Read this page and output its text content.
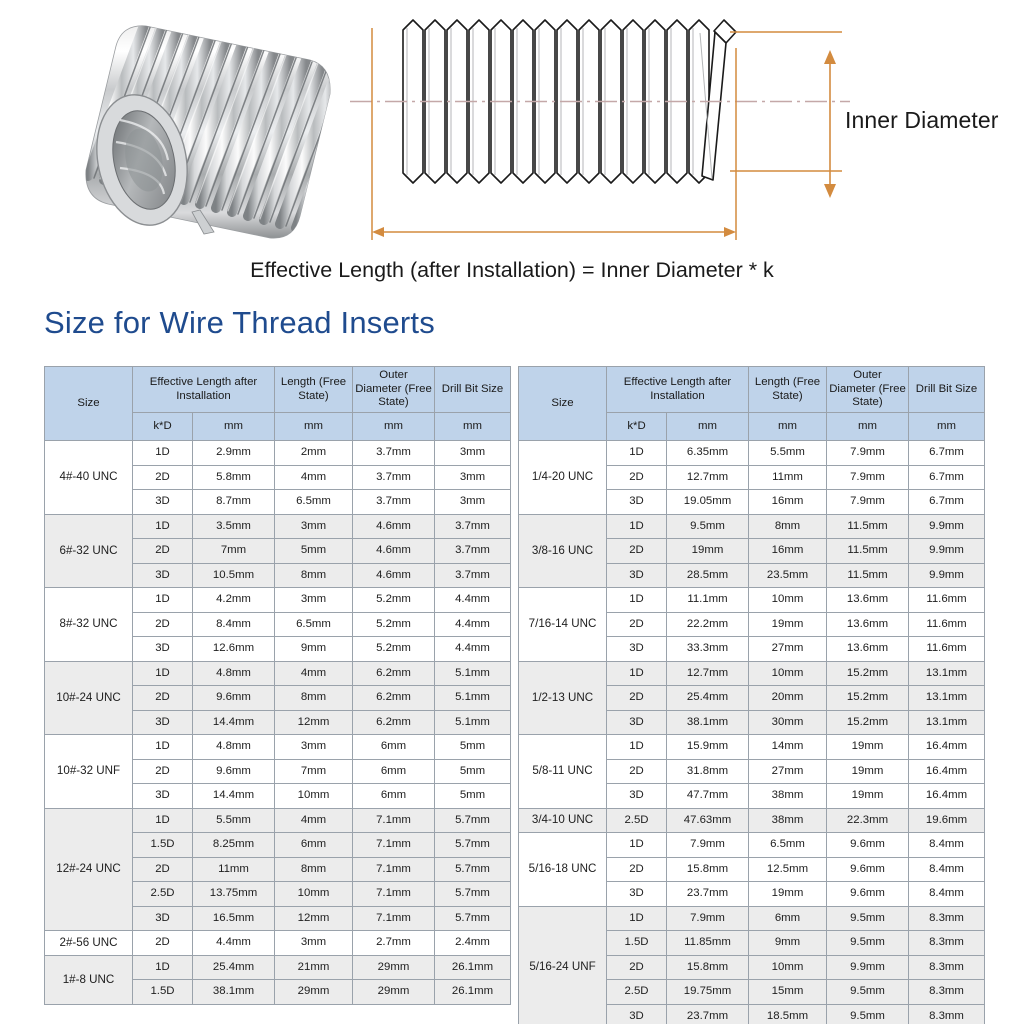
Inner Diameter
Effective Length (after Installation) = Inner Diameter * k
Size for Wire Thread Inserts
Size	Effective Length after Installation		Length (Free State)	Outer Diameter (Free State)	Drill Bit Size
	k*D	mm	mm	mm	mm
4#-40 UNC	1D	2.9mm	2mm	3.7mm	3mm
	2D	5.8mm	4mm	3.7mm	3mm
	3D	8.7mm	6.5mm	3.7mm	3mm
6#-32 UNC	1D	3.5mm	3mm	4.6mm	3.7mm
	2D	7mm	5mm	4.6mm	3.7mm
	3D	10.5mm	8mm	4.6mm	3.7mm
8#-32 UNC	1D	4.2mm	3mm	5.2mm	4.4mm
	2D	8.4mm	6.5mm	5.2mm	4.4mm
	3D	12.6mm	9mm	5.2mm	4.4mm
10#-24 UNC	1D	4.8mm	4mm	6.2mm	5.1mm
	2D	9.6mm	8mm	6.2mm	5.1mm
	3D	14.4mm	12mm	6.2mm	5.1mm
10#-32 UNF	1D	4.8mm	3mm	6mm	5mm
	2D	9.6mm	7mm	6mm	5mm
	3D	14.4mm	10mm	6mm	5mm
12#-24 UNC	1D	5.5mm	4mm	7.1mm	5.7mm
	1.5D	8.25mm	6mm	7.1mm	5.7mm
	2D	11mm	8mm	7.1mm	5.7mm
	2.5D	13.75mm	10mm	7.1mm	5.7mm
	3D	16.5mm	12mm	7.1mm	5.7mm
2#-56 UNC	2D	4.4mm	3mm	2.7mm	2.4mm
1#-8 UNC	1D	25.4mm	21mm	29mm	26.1mm
	1.5D	38.1mm	29mm	29mm	26.1mm
Size	Effective Length after Installation		Length (Free State)	Outer Diameter (Free State)	Drill Bit Size
	k*D	mm	mm	mm	mm
1/4-20 UNC	1D	6.35mm	5.5mm	7.9mm	6.7mm
	2D	12.7mm	11mm	7.9mm	6.7mm
	3D	19.05mm	16mm	7.9mm	6.7mm
3/8-16 UNC	1D	9.5mm	8mm	11.5mm	9.9mm
	2D	19mm	16mm	11.5mm	9.9mm
	3D	28.5mm	23.5mm	11.5mm	9.9mm
7/16-14 UNC	1D	11.1mm	10mm	13.6mm	11.6mm
	2D	22.2mm	19mm	13.6mm	11.6mm
	3D	33.3mm	27mm	13.6mm	11.6mm
1/2-13 UNC	1D	12.7mm	10mm	15.2mm	13.1mm
	2D	25.4mm	20mm	15.2mm	13.1mm
	3D	38.1mm	30mm	15.2mm	13.1mm
5/8-11 UNC	1D	15.9mm	14mm	19mm	16.4mm
	2D	31.8mm	27mm	19mm	16.4mm
	3D	47.7mm	38mm	19mm	16.4mm
3/4-10 UNC	2.5D	47.63mm	38mm	22.3mm	19.6mm
5/16-18 UNC	1D	7.9mm	6.5mm	9.6mm	8.4mm
	2D	15.8mm	12.5mm	9.6mm	8.4mm
	3D	23.7mm	19mm	9.6mm	8.4mm
5/16-24 UNF	1D	7.9mm	6mm	9.5mm	8.3mm
	1.5D	11.85mm	9mm	9.5mm	8.3mm
	2D	15.8mm	10mm	9.9mm	8.3mm
	2.5D	19.75mm	15mm	9.5mm	8.3mm
	3D	23.7mm	18.5mm	9.5mm	8.3mm
